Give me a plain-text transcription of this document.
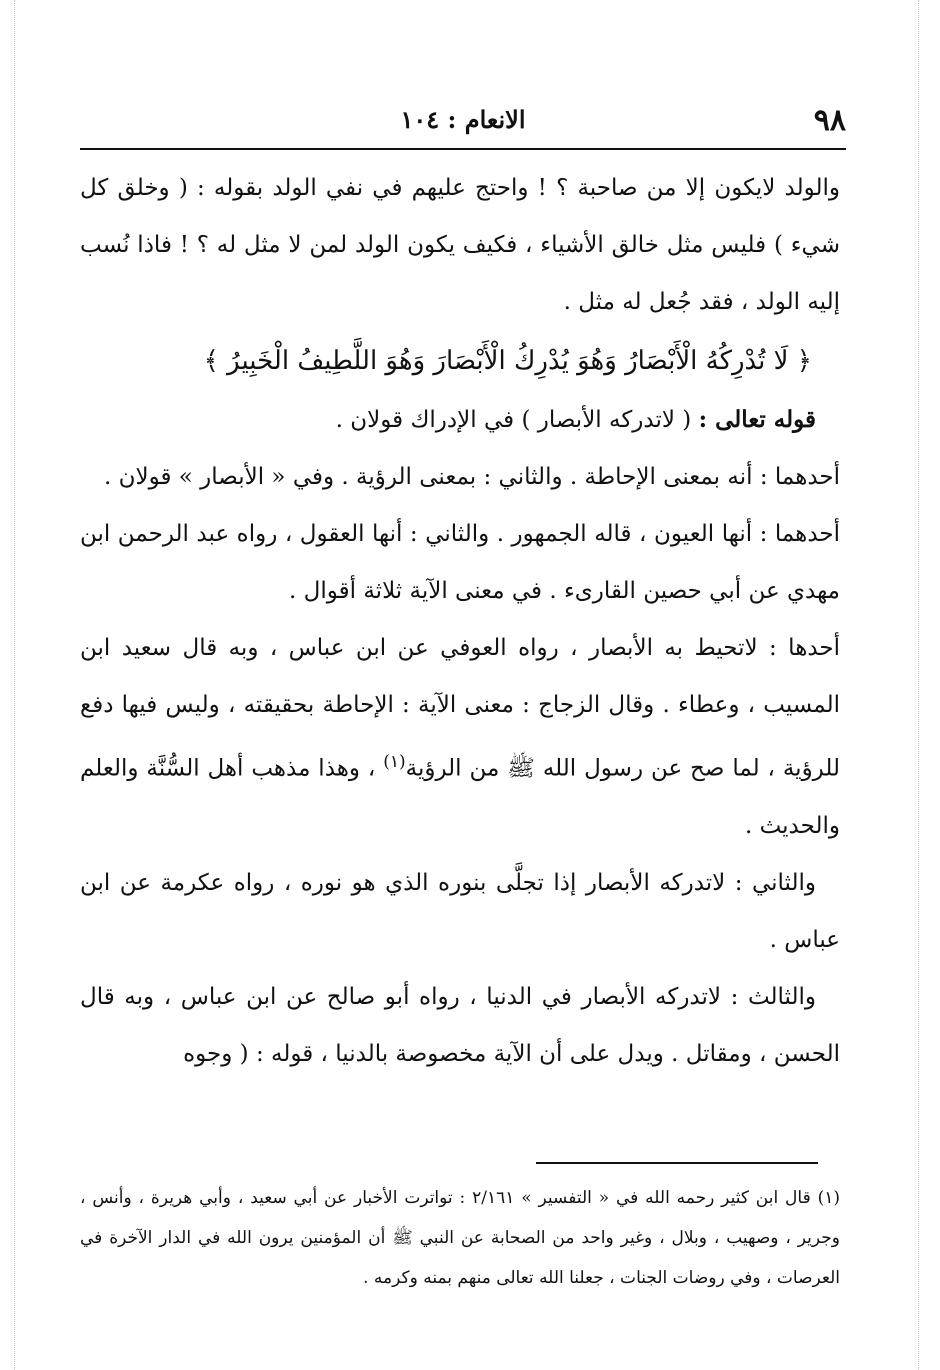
٩٨
الانعام : ١٠٤

والولد لايكون إلا من صاحبة ؟ ! واحتج عليهم في نفي الولد بقوله : ( وخلق كل شيء ) فليس مثل خالق الأشياء ، فكيف يكون الولد لمن لا مثل له ؟ ! فاذا نُسب إليه الولد ، فقد جُعل له مثل .

﴿ لَا تُدْرِكُهُ الْأَبْصَارُ وَهُوَ يُدْرِكُ الْأَبْصَارَ وَهُوَ اللَّطِيفُ الْخَبِيرُ ﴾

قوله تعالى : ( لاتدركه الأبصار ) في الإدراك قولان .

أحدهما : أنه بمعنى الإحاطة . والثاني : بمعنى الرؤية . وفي « الأبصار » قولان .

أحدهما : أنها العيون ، قاله الجمهور . والثاني : أنها العقول ، رواه عبد الرحمن ابن مهدي عن أبي حصين القارىء . في معنى الآية ثلاثة أقوال .

أحدها : لاتحيط به الأبصار ، رواه العوفي عن ابن عباس ، وبه قال سعيد ابن المسيب ، وعطاء . وقال الزجاج : معنى الآية : الإحاطة بحقيقته ، وليس فيها دفع للرؤية ، لما صح عن رسول الله ﷺ من الرؤية$^{(١)}$ ، وهذا مذهب أهل السُّنَّة والعلم والحديث .

والثاني : لاتدركه الأبصار إذا تجلَّى بنوره الذي هو نوره ، رواه عكرمة عن ابن عباس .

والثالث : لاتدركه الأبصار في الدنيا ، رواه أبو صالح عن ابن عباس ، وبه قال الحسن ، ومقاتل . ويدل على أن الآية مخصوصة بالدنيا ، قوله : ( وجوه

(١) قال ابن كثير رحمه الله في « التفسير » ٢/١٦١ : تواترت الأخبار عن أبي سعيد ، وأبي هريرة ، وأنس ، وجرير ، وصهيب ، وبلال ، وغير واحد من الصحابة عن النبي ﷺ أن المؤمنين يرون الله في الدار الآخرة في العرصات ، وفي روضات الجنات ، جعلنا الله تعالى منهم بمنه وكرمه .
